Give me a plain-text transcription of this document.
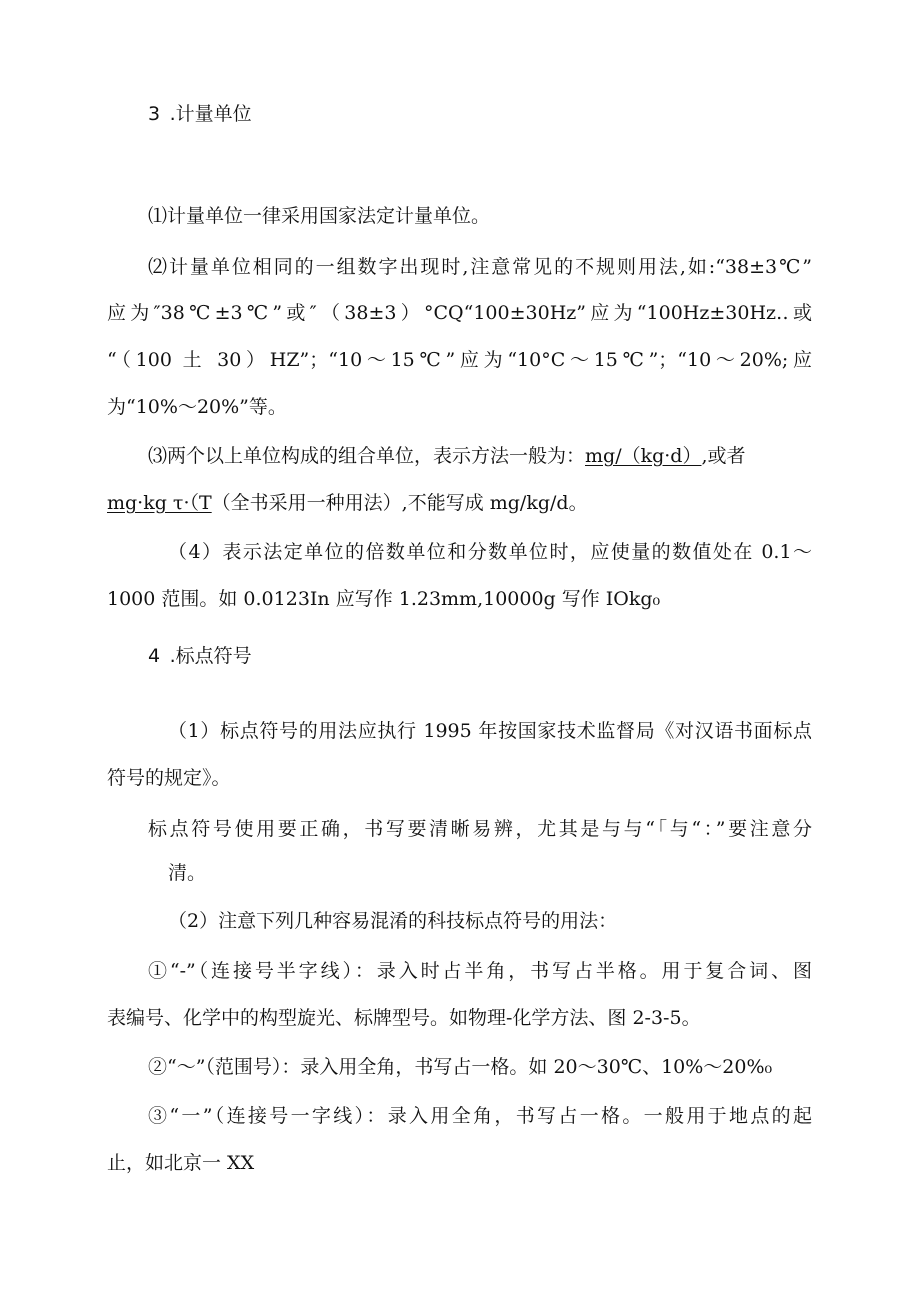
3 .计量单位
⑴计量单位一律采用国家法定计量单位。
⑵计量单位相同的一组数字出现时,注意常见的不规则用法,如:“38±3℃”
应为″38℃±3℃”或″（38±3）°CQ“100±30Hz”应为“100Hz±30Hz‥或
“（100 土 30）HZ”；“10～15℃”应为“10°C～15℃”；“10～20%;应
为“10%～20%”等。
⑶两个以上单位构成的组合单位，表示方法一般为：mg/（kg·d）,或者
mg·kg τ·（T（全书采用一种用法）,不能写成 mg/kg/d。
（4）表示法定单位的倍数单位和分数单位时，应使量的数值处在 0.1～
1000 范围。如 0.0123In 应写作 1.23mm,10000g 写作 IOkg₀
4 .标点符号
（1）标点符号的用法应执行 1995 年按国家技术监督局《对汉语书面标点
符号的规定》。
标点符号使用要正确，书写要清晰易辨，尤其是与与“「与“：”要注意分
清。
（2）注意下列几种容易混淆的科技标点符号的用法：
①“-”（连接号半字线）：录入时占半角，书写占半格。用于复合词、图
表编号、化学中的构型旋光、标牌型号。如物理-化学方法、图 2-3-5。
②“～”（范围号）：录入用全角，书写占一格。如 20～30℃、10%～20%₀
③“一”（连接号一字线）：录入用全角，书写占一格。一般用于地点的起
止，如北京一 XX
